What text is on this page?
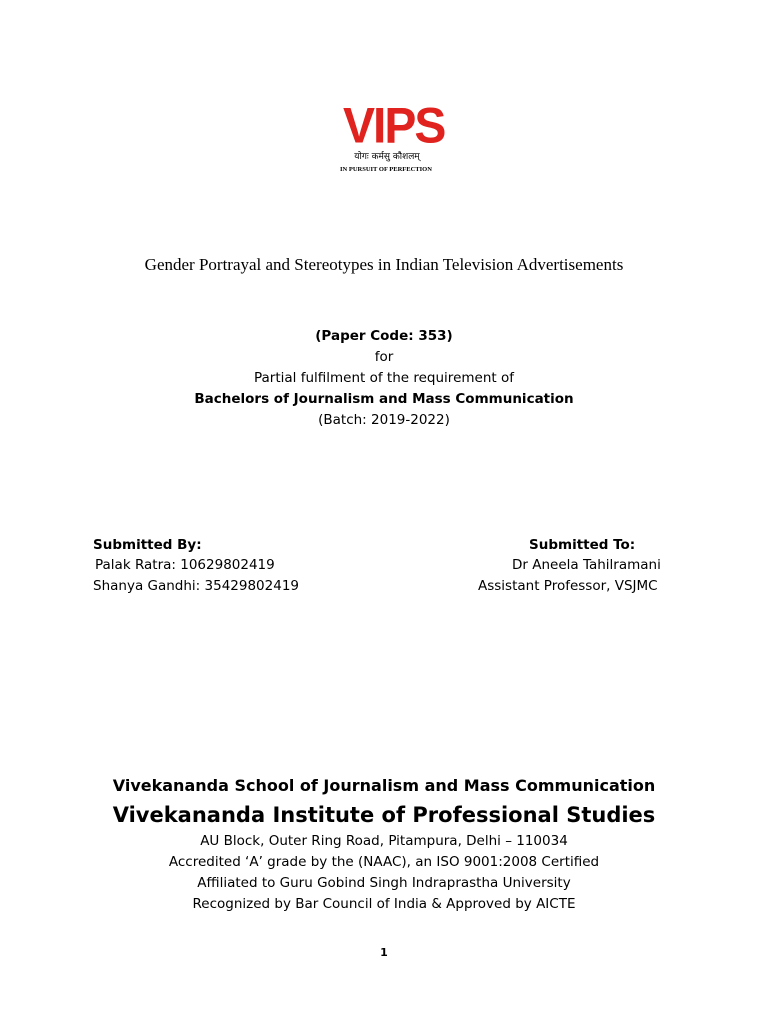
VIPS
योगः कर्मसु कौशलम्
IN PURSUIT OF PERFECTION
Gender Portrayal and Stereotypes in Indian Television Advertisements
(Paper Code: 353)
for
Partial fulfilment of the requirement of
Bachelors of Journalism and Mass Communication
(Batch: 2019-2022)
Submitted By:
Palak Ratra: 10629802419
Shanya Gandhi: 35429802419
Submitted To:
Dr Aneela Tahilramani
Assistant Professor, VSJMC
Vivekananda School of Journalism and Mass Communication
Vivekananda Institute of Professional Studies
AU Block, Outer Ring Road, Pitampura, Delhi – 110034
Accredited ‘A’ grade by the (NAAC), an ISO 9001:2008 Certified
Affiliated to Guru Gobind Singh Indraprastha University
Recognized by Bar Council of India & Approved by AICTE
1
